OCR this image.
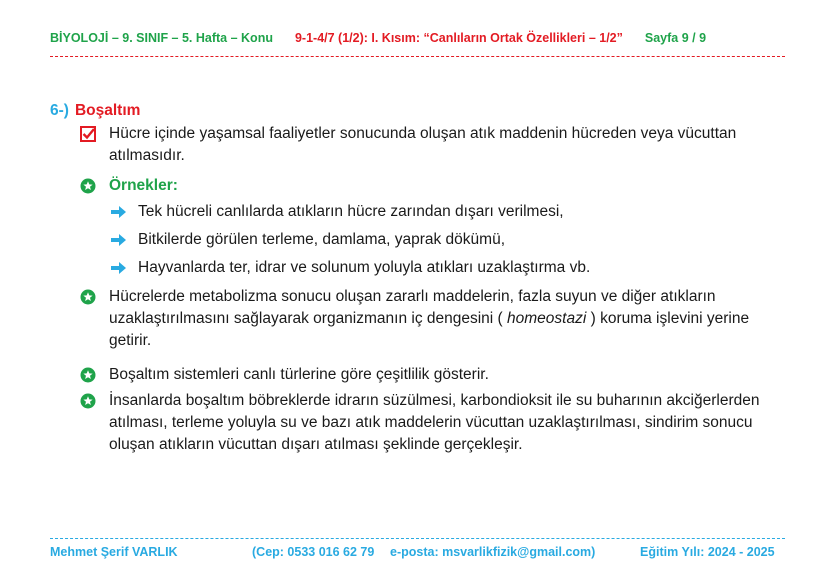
BİYOLOJİ – 9. SINIF – 5. Hafta – Konu 9-1-4/7 (1/2): I. Kısım: “Canlıların Ortak Özellikleri – 1/2” Sayfa 9 / 9
6-) Boşaltım
Hücre içinde yaşamsal faaliyetler sonucunda oluşan atık maddenin hücreden veya vücuttan atılmasıdır.
Örnekler:
Tek hücreli canlılarda atıkların hücre zarından dışarı verilmesi,
Bitkilerde görülen terleme, damlama, yaprak dökümü,
Hayvanlarda ter, idrar ve solunum yoluyla atıkları uzaklaştırma vb.
Hücrelerde metabolizma sonucu oluşan zararlı maddelerin, fazla suyun ve diğer atıkların uzaklaştırılmasını sağlayarak organizmanın iç dengesini ( homeostazi ) koruma işlevini yerine getirir.
Boşaltım sistemleri canlı türlerine göre çeşitlilik gösterir.
İnsanlarda boşaltım böbreklerde idrarın süzülmesi, karbondioksit ile su buharının akciğerlerden atılması, terleme yoluyla su ve bazı atık maddelerin vücuttan uzaklaştırılması, sindirim sonucu oluşan atıkların vücuttan dışarı atılması şeklinde gerçekleşir.
Mehmet Şerif VARLIK	(Cep: 0533 016 62 79 e-posta: msvarlikfizik@gmail.com)	Eğitim Yılı: 2024 - 2025
